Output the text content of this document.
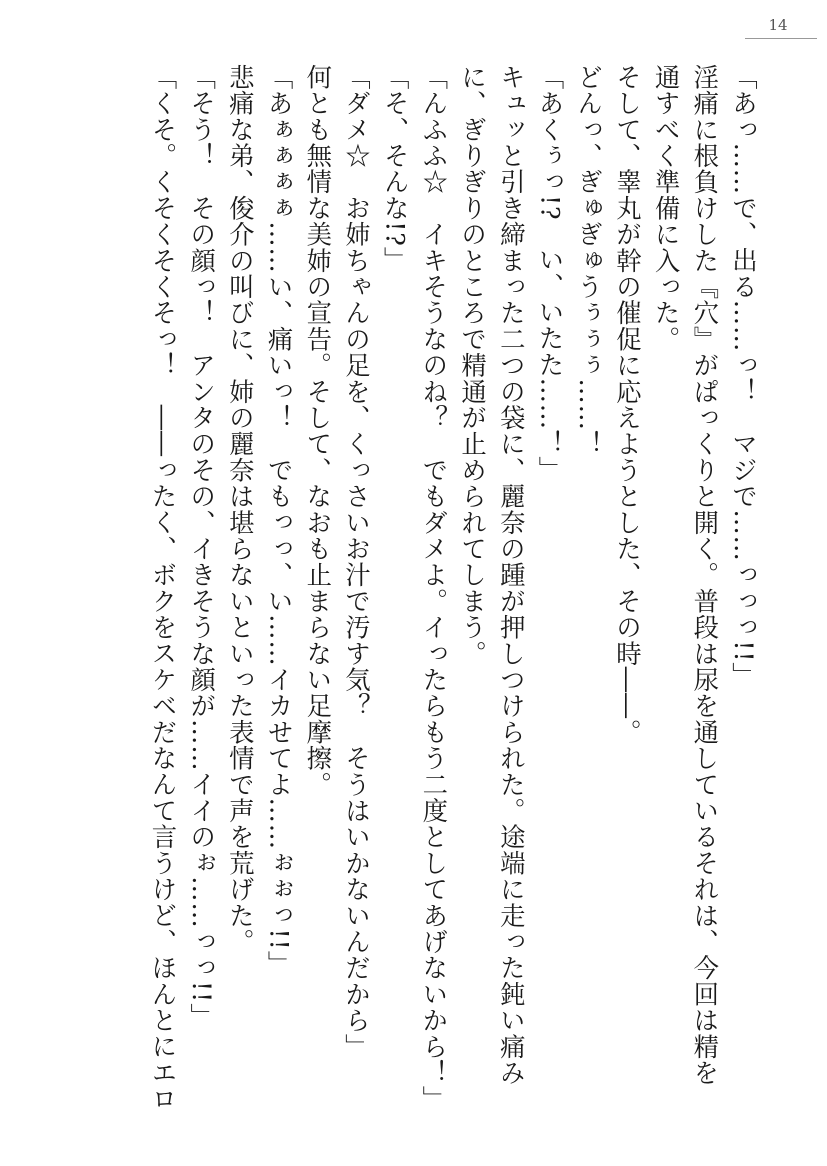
14
「あっ……で、出る……っ！　マジで……っっっ!!」
淫痛に根負けした『穴』がぱっくりと開く。普段は尿を通しているそれは、今回は精を
通すべく準備に入った。
そして、睾丸が幹の催促に応えようとした、その時――。
どんっ、ぎゅぎゅうぅぅぅ……！
「あくぅっ!?　い、いたた……！」
キュッと引き締まった二つの袋に、麗奈の踵が押しつけられた。途端に走った鈍い痛み
に、ぎりぎりのところで精通が止められてしまう。
「んふふ☆　イキそうなのね？　でもダメよ。イったらもう二度としてあげないから！」
「そ、そんな!?」
「ダメ☆　お姉ちゃんの足を、くっさいお汁で汚す気？　そうはいかないんだから」
何とも無情な美姉の宣告。そして、なおも止まらない足摩擦。
「あぁぁぁぁ……い、痛いっ！　でもっっ、い……イカせてよ……ぉぉっ!!」
悲痛な弟、俊介の叫びに、姉の麗奈は堪らないといった表情で声を荒げた。
「そう！　その顔っ！　アンタのその、イきそうな顔が……イイのぉ……っっ!!」
「くそ。くそくそくそっ！　――ったく、ボクをスケベだなんて言うけど、ほんとにエロ
